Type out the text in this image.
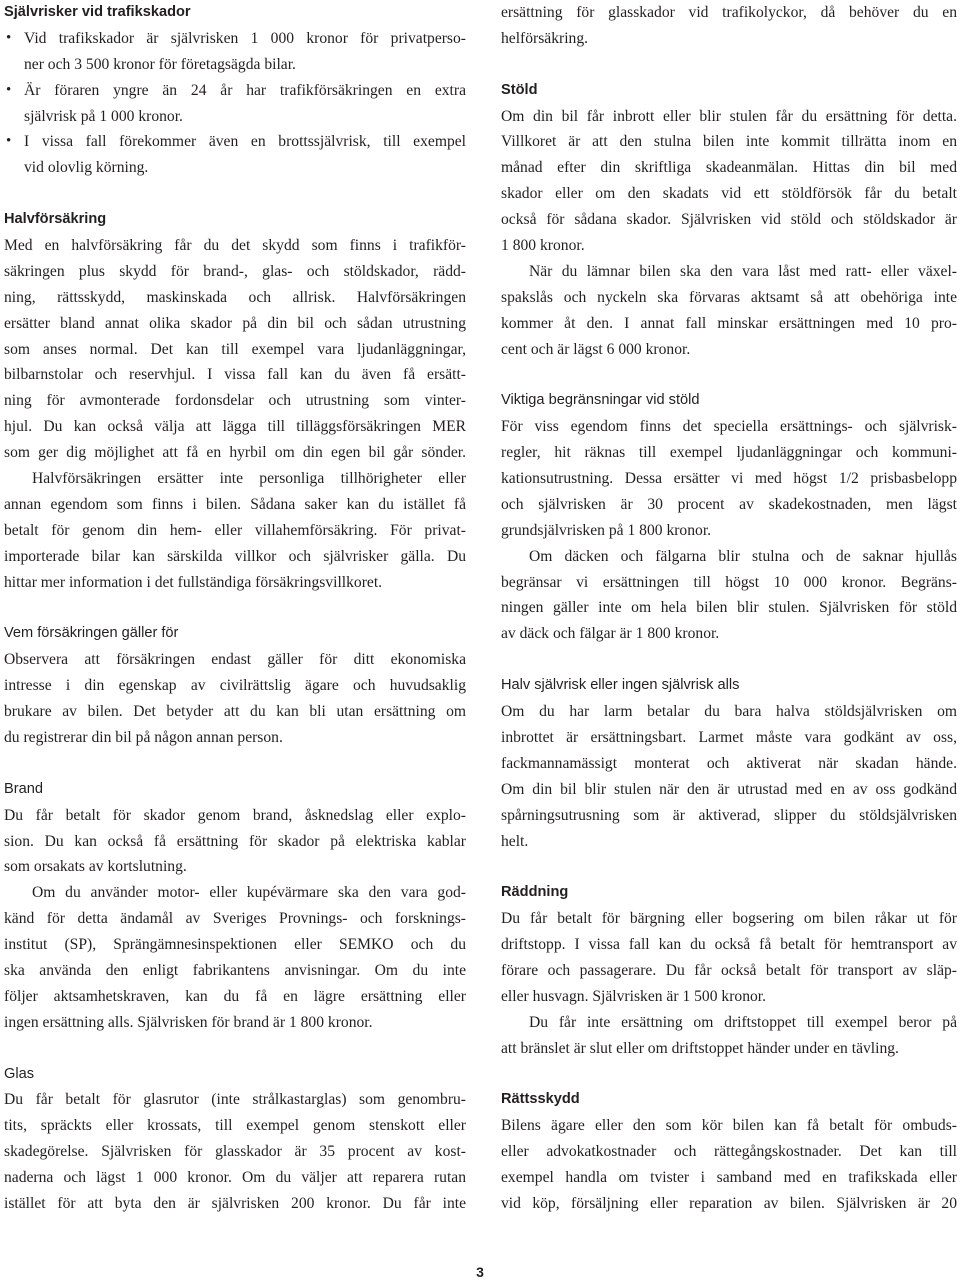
Självrisker vid trafikskador
• Vid trafikskador är självrisken 1 000 kronor för privatperso-
ner och 3 500 kronor för företagsägda bilar.
• Är föraren yngre än 24 år har trafikförsäkringen en extra
självrisk på 1 000 kronor.
• I vissa fall förekommer även en brottssjälvrisk, till exempel
vid olovlig körning.
Halvförsäkring
Med en halvförsäkring får du det skydd som finns i trafikför-
säkringen plus skydd för brand-, glas- och stöldskador, rädd-
ning, rättsskydd, maskinskada och allrisk. Halvförsäkringen
ersätter bland annat olika skador på din bil och sådan utrustning
som anses normal. Det kan till exempel vara ljudanläggningar,
bilbarnstolar och reservhjul. I vissa fall kan du även få ersätt-
ning för avmonterade fordonsdelar och utrustning som vinter-
hjul. Du kan också välja att lägga till tilläggsförsäkringen MER
som ger dig möjlighet att få en hyrbil om din egen bil går sönder.
Halvförsäkringen ersätter inte personliga tillhörigheter eller
annan egendom som finns i bilen. Sådana saker kan du istället få
betalt för genom din hem- eller villahemförsäkring. För privat-
importerade bilar kan särskilda villkor och självrisker gälla. Du
hittar mer information i det fullständiga försäkringsvillkoret.
Vem försäkringen gäller för
Observera att försäkringen endast gäller för ditt ekonomiska
intresse i din egenskap av civilrättslig ägare och huvudsaklig
brukare av bilen. Det betyder att du kan bli utan ersättning om
du registrerar din bil på någon annan person.
Brand
Du får betalt för skador genom brand, åsknedslag eller explo-
sion. Du kan också få ersättning för skador på elektriska kablar
som orsakats av kortslutning.
Om du använder motor- eller kupévärmare ska den vara god-
känd för detta ändamål av Sveriges Provnings- och forsknings-
institut (SP), Sprängämnesinspektionen eller SEMKO och du
ska använda den enligt fabrikantens anvisningar. Om du inte
följer aktsamhetskraven, kan du få en lägre ersättning eller
ingen ersättning alls. Självrisken för brand är 1 800 kronor.
Glas
Du får betalt för glasrutor (inte strålkastarglas) som genombru-
tits, spräckts eller krossats, till exempel genom stenskott eller
skadegörelse. Självrisken för glasskador är 35 procent av kost-
naderna och lägst 1 000 kronor. Om du väljer att reparera rutan
istället för att byta den är självrisken 200 kronor. Du får inte
ersättning för glasskador vid trafikolyckor, då behöver du en
helförsäkring.
Stöld
Om din bil får inbrott eller blir stulen får du ersättning för detta.
Villkoret är att den stulna bilen inte kommit tillrätta inom en
månad efter din skriftliga skadeanmälan. Hittas din bil med
skador eller om den skadats vid ett stöldförsök får du betalt
också för sådana skador. Självrisken vid stöld och stöldskador är
1 800 kronor.
När du lämnar bilen ska den vara låst med ratt- eller växel-
spakslås och nyckeln ska förvaras aktsamt så att obehöriga inte
kommer åt den. I annat fall minskar ersättningen med 10 pro-
cent och är lägst 6 000 kronor.
Viktiga begränsningar vid stöld
För viss egendom finns det speciella ersättnings- och självrisk-
regler, hit räknas till exempel ljudanläggningar och kommuni-
kationsutrustning. Dessa ersätter vi med högst 1/2 prisbasbelopp
och självrisken är 30 procent av skadekostnaden, men lägst
grundsjälvrisken på 1 800 kronor.
Om däcken och fälgarna blir stulna och de saknar hjullås
begränsar vi ersättningen till högst 10 000 kronor. Begräns-
ningen gäller inte om hela bilen blir stulen. Självrisken för stöld
av däck och fälgar är 1 800 kronor.
Halv självrisk eller ingen självrisk alls
Om du har larm betalar du bara halva stöldsjälvrisken om
inbrottet är ersättningsbart. Larmet måste vara godkänt av oss,
fackmannamässigt monterat och aktiverat när skadan hände.
Om din bil blir stulen när den är utrustad med en av oss godkänd
spårningsutrusning som är aktiverad, slipper du stöldsjälvrisken
helt.
Räddning
Du får betalt för bärgning eller bogsering om bilen råkar ut för
driftstopp. I vissa fall kan du också få betalt för hemtransport av
förare och passagerare. Du får också betalt för transport av släp-
eller husvagn. Självrisken är 1 500 kronor.
Du får inte ersättning om driftstoppet till exempel beror på
att bränslet är slut eller om driftstoppet händer under en tävling.
Rättsskydd
Bilens ägare eller den som kör bilen kan få betalt för ombuds-
eller advokatkostnader och rättegångskostnader. Det kan till
exempel handla om tvister i samband med en trafikskada eller
vid köp, försäljning eller reparation av bilen. Självrisken är 20
3
